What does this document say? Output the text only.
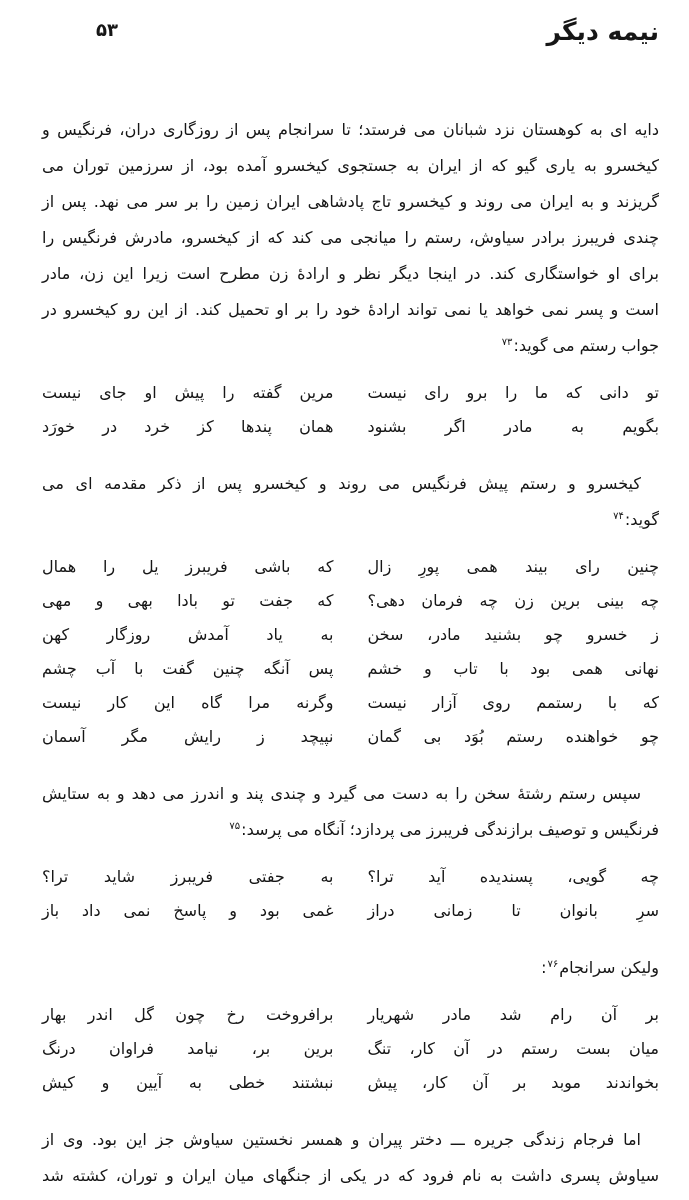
نیمه دیگر
۵۳
دایه ای به کوهستان نزد شبانان می فرستد؛ تا سرانجام پس از روزگاری دران، فرنگیس و
کیخسرو به یاری گیو که از ایران به جستجوی کیخسرو آمده بود، از سرزمین توران می
گریزند و به ایران می روند و کیخسرو تاج پادشاهی ایران زمین را بر سر می نهد. پس از
چندی فریبرز برادر سیاوش، رستم را میانجی می کند که از کیخسرو، مادرش فرنگیس را
برای او خواستگاری کند. در اینجا دیگر نظر و ارادهٔ زن مطرح است زیرا این زن، مادر
است و پسر نمی خواهد یا نمی تواند ارادهٔ خود را بر او تحمیل کند. از این رو کیخسرو در
جواب رستم می گوید:$^{۷۳}$
تو دانی که ما را برو رای نیست
مرین گفته را پیش او جای نیست
بگویم به مادر اگر بشنود
همان پندها کز خرد در خورَد
کیخسرو و رستم پیش فرنگیس می روند و کیخسرو پس از ذکر مقدمه ای می
گوید:$^{۷۴}$
چنین رای بیند همی پورِ زال
که باشی فریبرز یل را همال
چه بینی برین زن چه فرمان دهی؟
که جفت تو بادا بهی و مهی
ز خسرو چو بشنید مادر، سخن
به یاد آمدش روزگار کهن
نهانی همی بود با تاب و خشم
پس آنگه چنین گفت با آب چشم
که با رستمم روی آزار نیست
وگرنه مرا گاه این کار نیست
چو خواهنده رستم بُوَد بی گمان
نپیچد ز رایش مگر آسمان
سپس رستم رشتهٔ سخن را به دست می گیرد و چندی پند و اندرز می دهد و به ستایش
فرنگیس و توصیف برازندگی فریبرز می پردازد؛ آنگاه می پرسد:$^{۷۵}$
چه گویی، پسندیده آید ترا؟
به جفتی فریبرز شاید ترا؟
سرِ بانوان تا زمانی دراز
غمی بود و پاسخ نمی داد باز
ولیکن سرانجام$^{۷۶}$:
بر آن رام شد مادر شهریار
برافروخت رخ چون گل اندر بهار
میان بست رستم در آن کار، تنگ
برین بر، نیامد فراوان درنگ
بخواندند موبد بر آن کار، پیش
نبشتند خطی به آیین و کیش
اما فرجام زندگی جریره ـــ دختر پیران و همسر نخستین سیاوش جز این بود. وی از
سیاوش پسری داشت به نام فرود که در یکی از جنگهای میان ایران و توران، کشته شد
